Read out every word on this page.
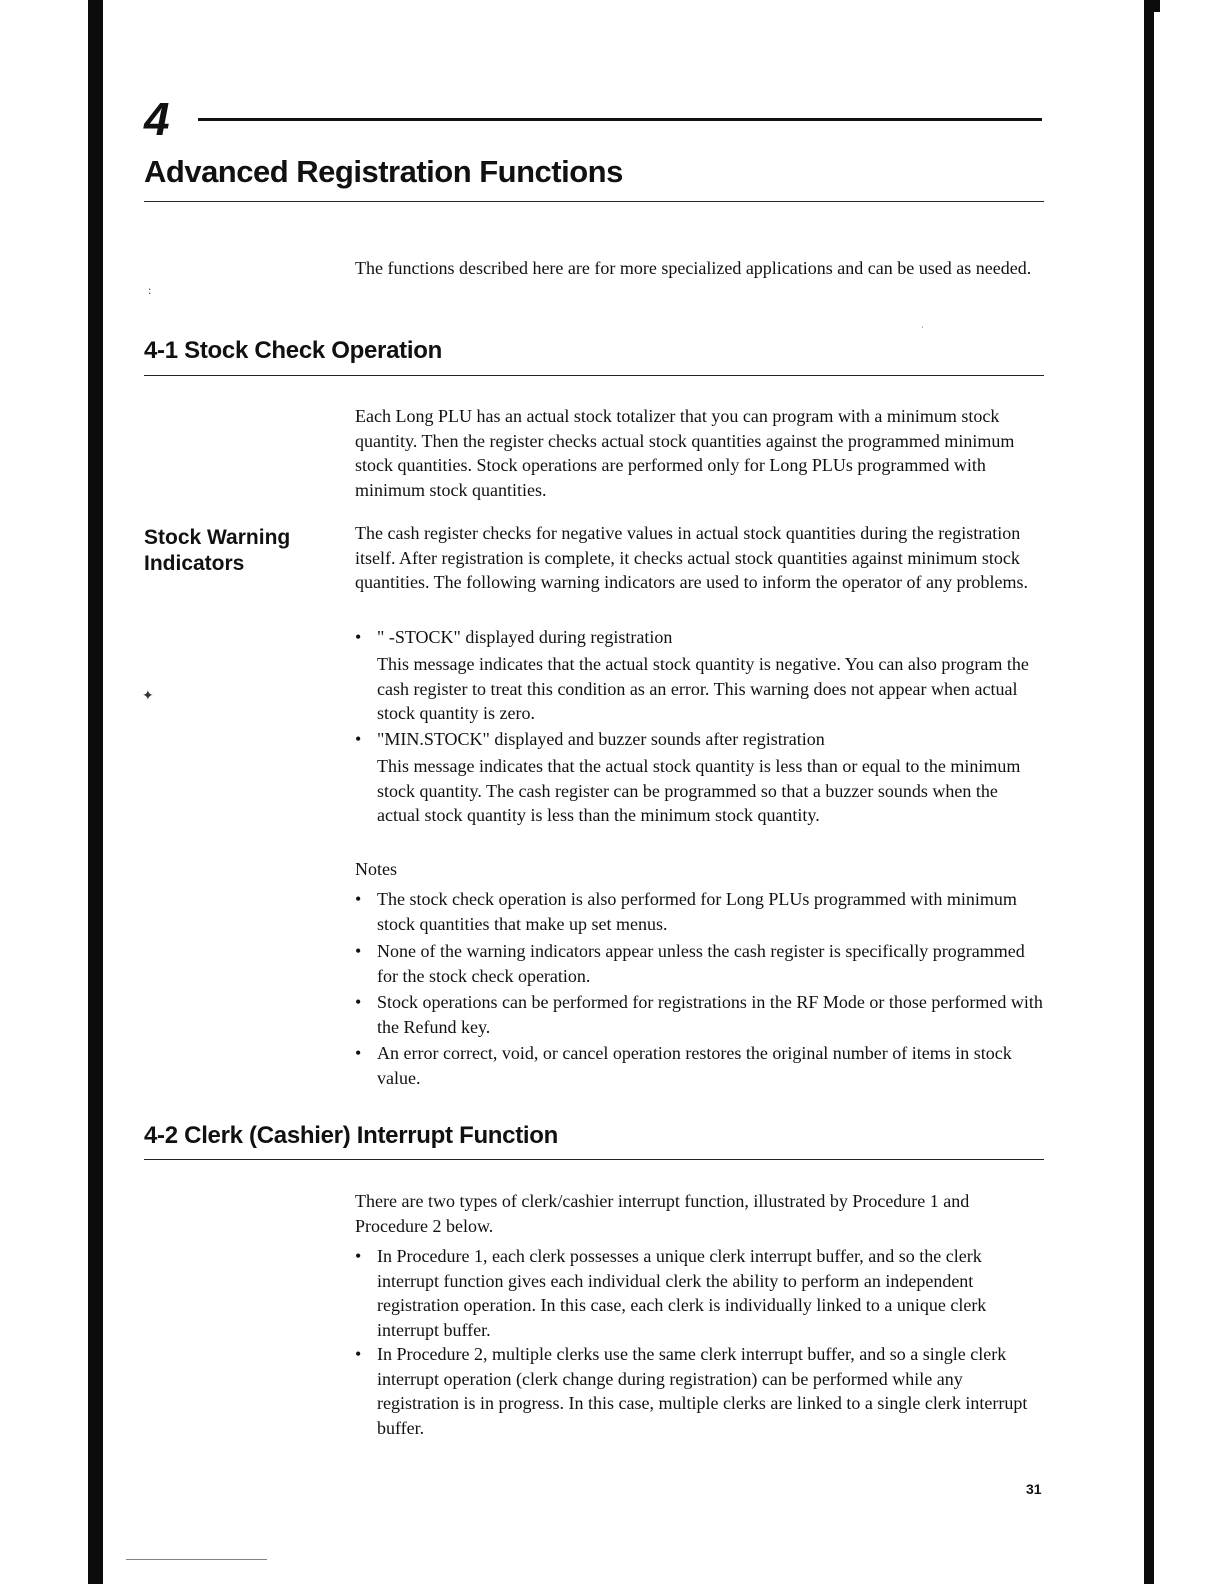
:
✦
·
4
Advanced Registration Functions

The functions described here are for more specialized applications and can be used as needed.

4-1 Stock Check Operation

Each Long PLU has an actual stock totalizer that you can program with a minimum stock quantity. Then the register checks actual stock quantities against the programmed minimum stock quantities. Stock operations are performed only for Long PLUs programmed with minimum stock quantities.

Stock Warning Indicators

The cash register checks for negative values in actual stock quantities during the registration itself. After registration is complete, it checks actual stock quantities against minimum stock quantities. The following warning indicators are used to inform the operator of any problems.

• " -STOCK" displayed during registration

This message indicates that the actual stock quantity is negative. You can also program the cash register to treat this condition as an error. This warning does not appear when actual stock quantity is zero.

• "MIN.STOCK" displayed and buzzer sounds after registration

This message indicates that the actual stock quantity is less than or equal to the minimum stock quantity. The cash register can be programmed so that a buzzer sounds when the actual stock quantity is less than the minimum stock quantity.

Notes

• The stock check operation is also performed for Long PLUs programmed with minimum stock quantities that make up set menus.
• None of the warning indicators appear unless the cash register is specifically programmed for the stock check operation.
• Stock operations can be performed for registrations in the RF Mode or those performed with the Refund key.
• An error correct, void, or cancel operation restores the original number of items in stock value.
4-2 Clerk (Cashier) Interrupt Function

There are two types of clerk/cashier interrupt function, illustrated by Procedure 1 and Procedure 2 below.

• In Procedure 1, each clerk possesses a unique clerk interrupt buffer, and so the clerk interrupt function gives each individual clerk the ability to perform an independent registration operation. In this case, each clerk is individually linked to a unique clerk interrupt buffer.
• In Procedure 2, multiple clerks use the same clerk interrupt buffer, and so a single clerk interrupt operation (clerk change during registration) can be performed while any registration is in progress. In this case, multiple clerks are linked to a single clerk interrupt buffer.
31
